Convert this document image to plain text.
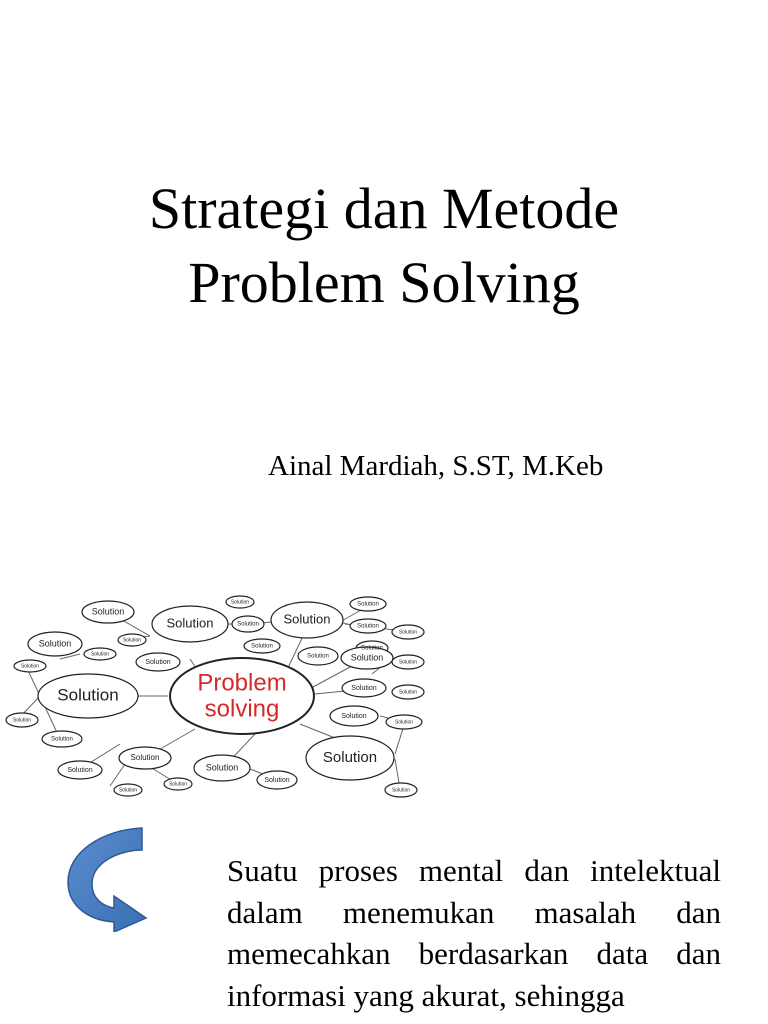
Strategi dan Metode
Problem Solving
Ainal Mardiah, S.ST, M.Keb
Solution
Solution
Solution
Solution Solution
Solution
Solution
Solution
Solution	Solution
Solution	Solution
Solution
Solution
Solution
Solution Solution	Solution
Solution	Solution
Solution
Solution
Solution
Solution
Solution
Solution
Solution
Solution
Solution
Solution
Solution
Solution	Solution
Problem
solving

Suatu proses mental dan intelektual dalam menemukan masalah dan memecahkan berdasarkan data dan informasi yang akurat, sehingga
